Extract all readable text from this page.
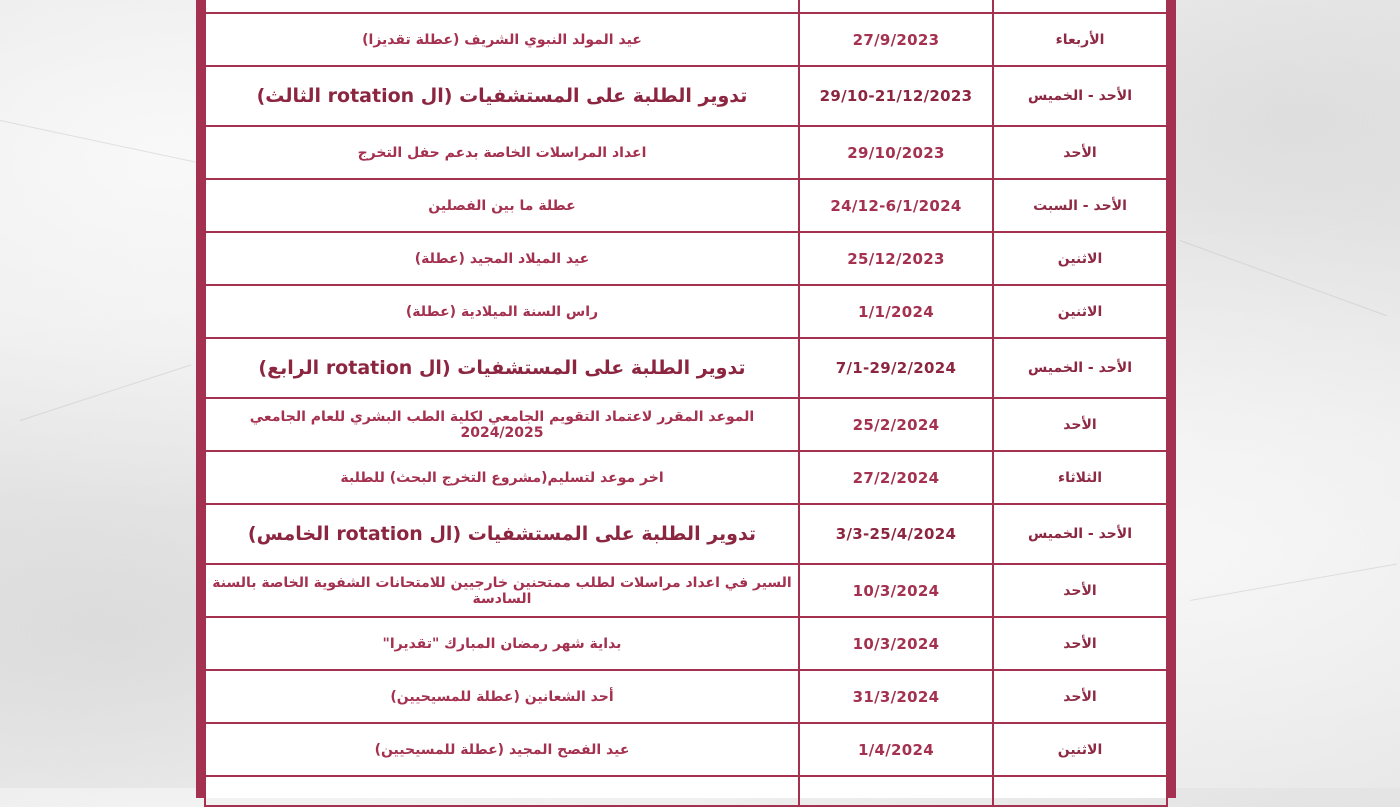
الأربعاء	27/9/2023	عيد المولد النبوي الشريف (عطلة تقديزا)
الأحد - الخميس	29/10-21/12/2023	تدوير الطلبة على المستشفيات (ال rotation الثالث)
الأحد	29/10/2023	اعداد المراسلات الخاصة بدعم حفل التخرج
الأحد - السبت	24/12-6/1/2024	عطلة ما بين الفصلين
الاثنين	25/12/2023	عيد الميلاد المجيد (عطلة)
الاثنين	1/1/2024	راس السنة الميلادية (عطلة)
الأحد - الخميس	7/1-29/2/2024	تدوير الطلبة على المستشفيات (ال rotation الرابع)
الأحد	25/2/2024	الموعد المقرر لاعتماد التقويم الجامعي لكلية الطب البشري للعام الجامعي 2024/2025
الثلاثاء	27/2/2024	اخر موعد لتسليم(مشروع التخرج البحث) للطلبة
الأحد - الخميس	3/3-25/4/2024	تدوير الطلبة على المستشفيات (ال rotation الخامس)
الأحد	10/3/2024	السير في اعداد مراسلات لطلب ممتحنين خارجيين للامتحانات الشفوية الخاصة بالسنة السادسة
الأحد	10/3/2024	بداية شهر رمضان المبارك "تقديرا"
الأحد	31/3/2024	أحد الشعانين (عطلة للمسيحيين)
الاثنين	1/4/2024	عيد الفصح المجيد (عطلة للمسيحيين)
